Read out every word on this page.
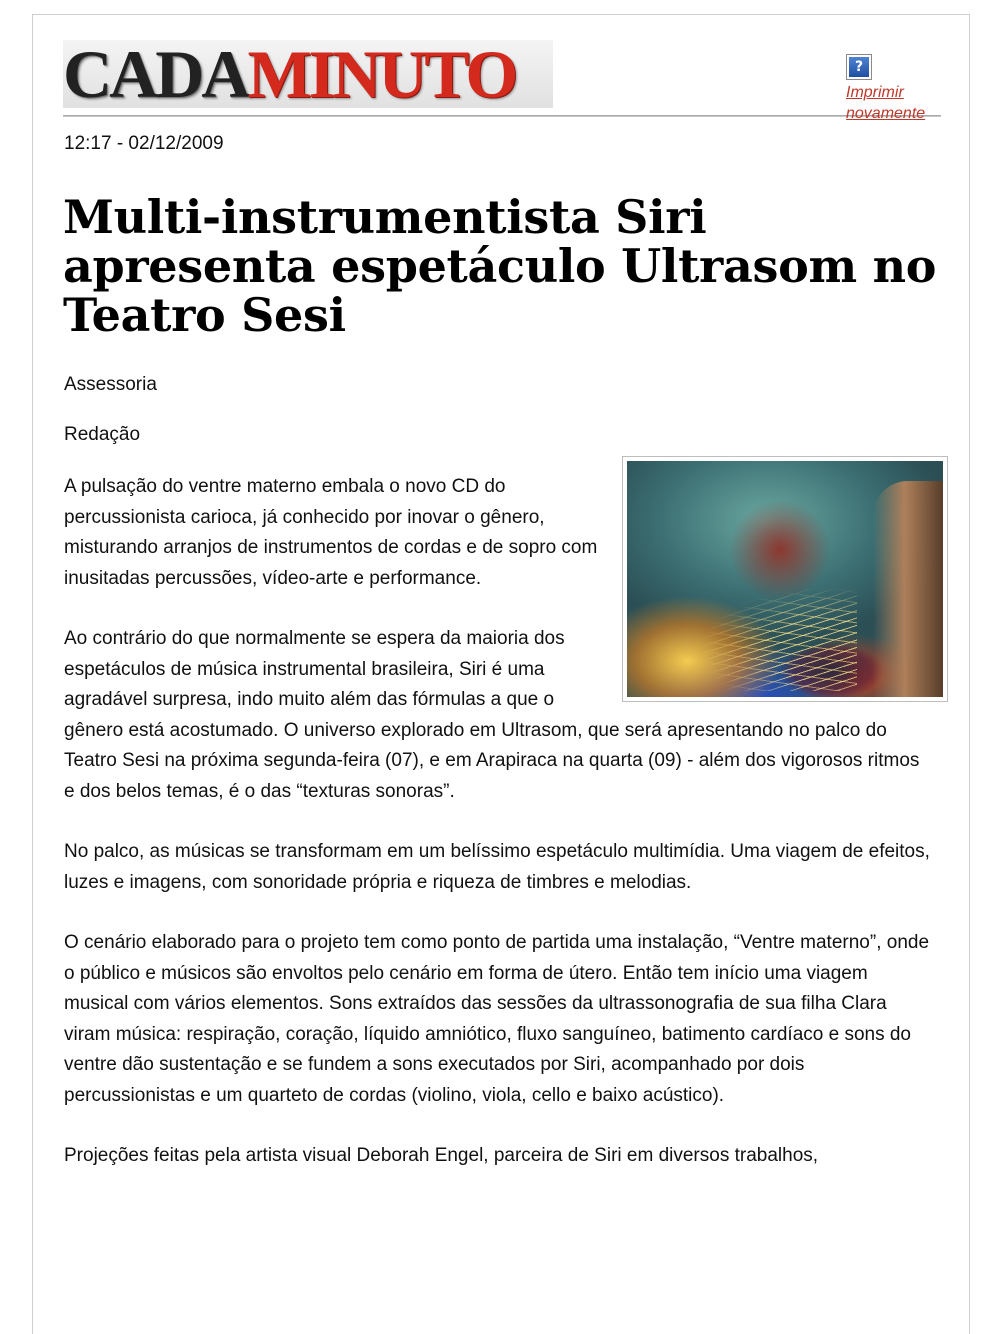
CADAMINUTO	?
Imprimir novamente
12:17 - 02/12/2009
Multi-instrumentista Siri apresenta espetáculo Ultrasom no Teatro Sesi
Assessoria
Redação

A pulsação do ventre materno embala o novo CD do percussionista carioca, já conhecido por inovar o gênero, misturando arranjos de instrumentos de cordas e de sopro com inusitadas percussões, vídeo-arte e performance.

Ao contrário do que normalmente se espera da maioria dos espetáculos de música instrumental brasileira, Siri é uma agradável surpresa, indo muito além das fórmulas a que o gênero está acostumado. O universo explorado em Ultrasom, que será apresentando no palco do Teatro Sesi na próxima segunda-feira (07), e em Arapiraca na quarta (09) - além dos vigorosos ritmos e dos belos temas, é o das “texturas sonoras”.

No palco, as músicas se transformam em um belíssimo espetáculo multimídia. Uma viagem de efeitos, luzes e imagens, com sonoridade própria e riqueza de timbres e melodias.

O cenário elaborado para o projeto tem como ponto de partida uma instalação, “Ventre materno”, onde o público e músicos são envoltos pelo cenário em forma de útero. Então tem início uma viagem musical com vários elementos. Sons extraídos das sessões da ultrassonografia de sua filha Clara viram música: respiração, coração, líquido amniótico, fluxo sanguíneo, batimento cardíaco e sons do ventre dão sustentação e se fundem a sons executados por Siri, acompanhado por dois percussionistas e um quarteto de cordas (violino, viola, cello e baixo acústico).

Projeções feitas pela artista visual Deborah Engel, parceira de Siri em diversos trabalhos,
